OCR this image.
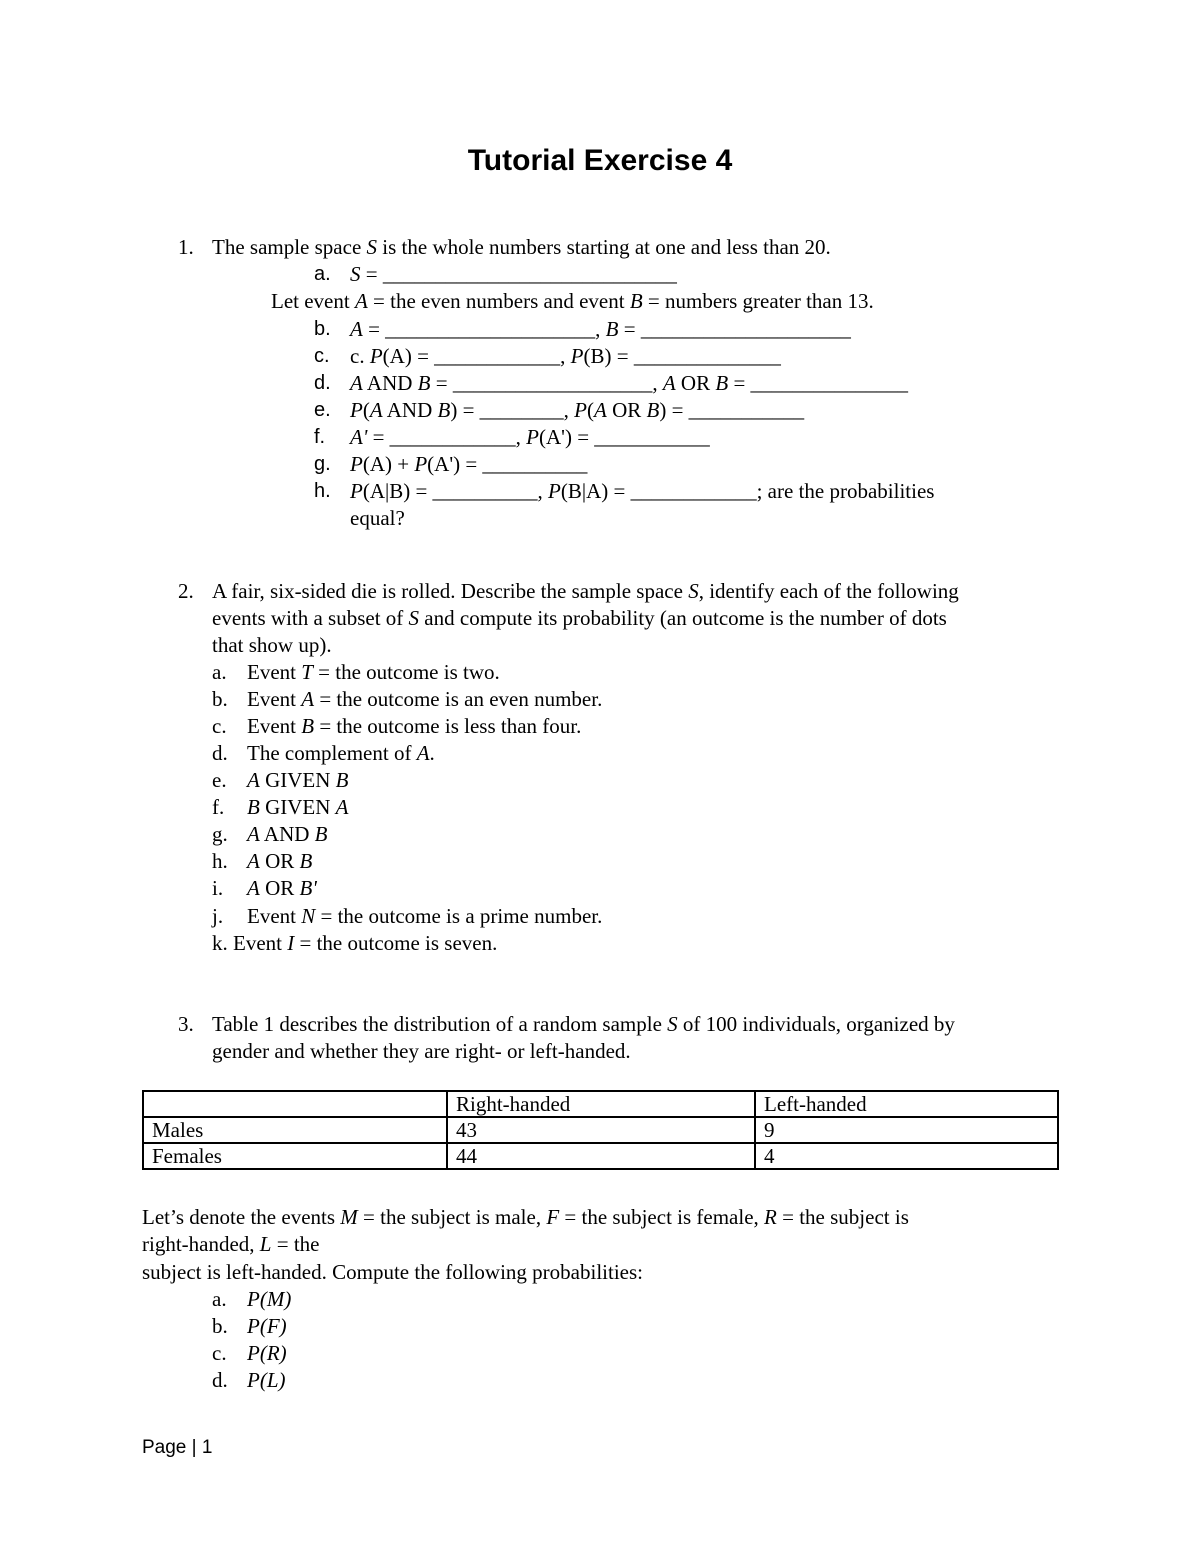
Tutorial Exercise 4
1. The sample space S is the whole numbers starting at one and less than 20.
a. S = ____________________________
Let event A = the even numbers and event B = numbers greater than 13.
b. A = ____________________, B = ____________________
c. c. P(A) = ____________, P(B) = ______________
d. A AND B = ___________________, A OR B = _______________
e. P(A AND B) = ________, P(A OR B) = ___________
f. A' = ____________, P(A') = ___________
g. P(A) + P(A') = __________
h. P(A|B) = __________, P(B|A) = ____________; are the probabilities
equal?
2. A fair, six-sided die is rolled. Describe the sample space S, identify each of the following
events with a subset of S and compute its probability (an outcome is the number of dots
that show up).
a. Event T = the outcome is two.
b. Event A = the outcome is an even number.
c. Event B = the outcome is less than four.
d. The complement of A.
e. A GIVEN B
f. B GIVEN A
g. A AND B
h. A OR B
i. A OR B'
j. Event N = the outcome is a prime number.
k. Event I = the outcome is seven.
3. Table 1 describes the distribution of a random sample S of 100 individuals, organized by
gender and whether they are right- or left-handed.
	Right-handed	Left-handed
Males	43	9
Females	44	4
Let’s denote the events M = the subject is male, F = the subject is female, R = the subject is
right-handed, L = the
subject is left-handed. Compute the following probabilities:
a. P(M)
b. P(F)
c. P(R)
d. P(L)
Page | 1
